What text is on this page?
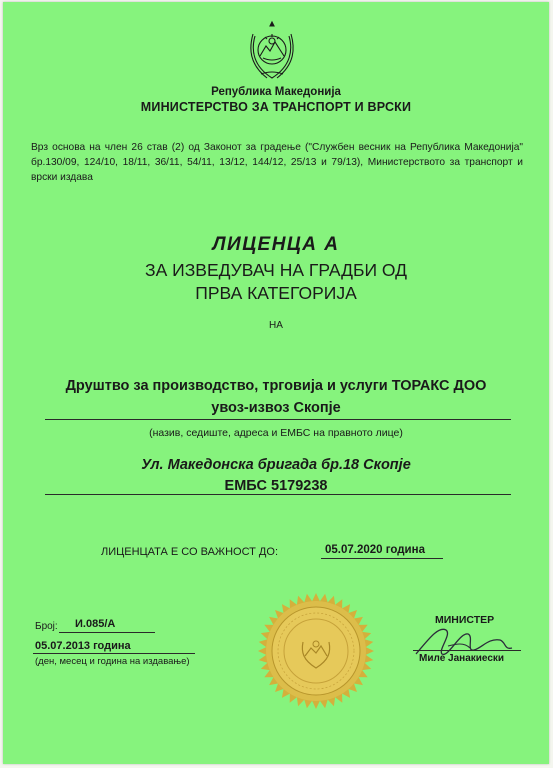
Република Македонија
МИНИСТЕРСТВО ЗА ТРАНСПОРТ И ВРСКИ
Врз основа на член 26 став (2) од Законот за градење ("Службен весник на Република Македонија" бр.130/09, 124/10, 18/11, 36/11, 54/11, 13/12, 144/12, 25/13 и 79/13), Министерството за транспорт и врски издава
ЛИЦЕНЦА А
ЗА ИЗВЕДУВАЧ НА ГРАДБИ ОД
ПРВА КАТЕГОРИЈА
НА
Друштво за производство, трговија и услуги ТОРАКС ДОО
увоз-извоз Скопје
(назив, седиште, адреса и ЕМБС на правното лице)
Ул. Македонска бригада бр.18 Скопје
ЕМБС 5179238
ЛИЦЕНЦАТА Е СО ВАЖНОСТ ДО:	05.07.2020 година
Број: И.085/А
05.07.2013 година
(ден, месец и година на издавање)
МИНИСТЕР
Миле Јанакиески
